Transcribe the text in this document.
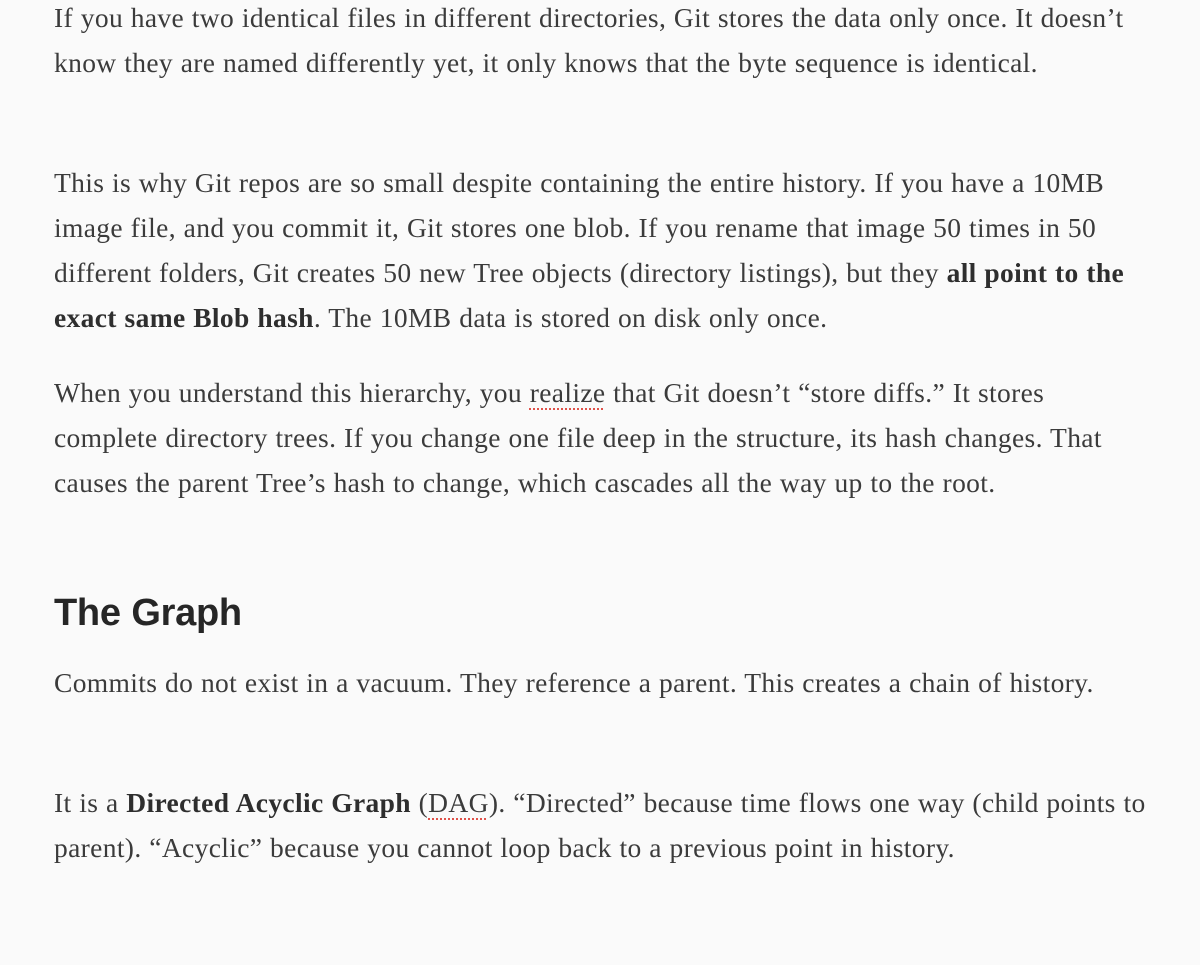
If you have two identical files in different directories, Git stores the data only once. It doesn’t know they are named differently yet, it only knows that the byte sequence is identical.

This is why Git repos are so small despite containing the entire history. If you have a 10MB image file, and you commit it, Git stores one blob. If you rename that image 50 times in 50 different folders, Git creates 50 new Tree objects (directory listings), but they all point to the exact same Blob hash. The 10MB data is stored on disk only once.

When you understand this hierarchy, you realize that Git doesn’t “store diffs.” It stores complete directory trees. If you change one file deep in the structure, its hash changes. That causes the parent Tree’s hash to change, which cascades all the way up to the root.

The Graph

Commits do not exist in a vacuum. They reference a parent. This creates a chain of history.

It is a Directed Acyclic Graph (DAG). “Directed” because time flows one way (child points to parent). “Acyclic” because you cannot loop back to a previous point in history.
